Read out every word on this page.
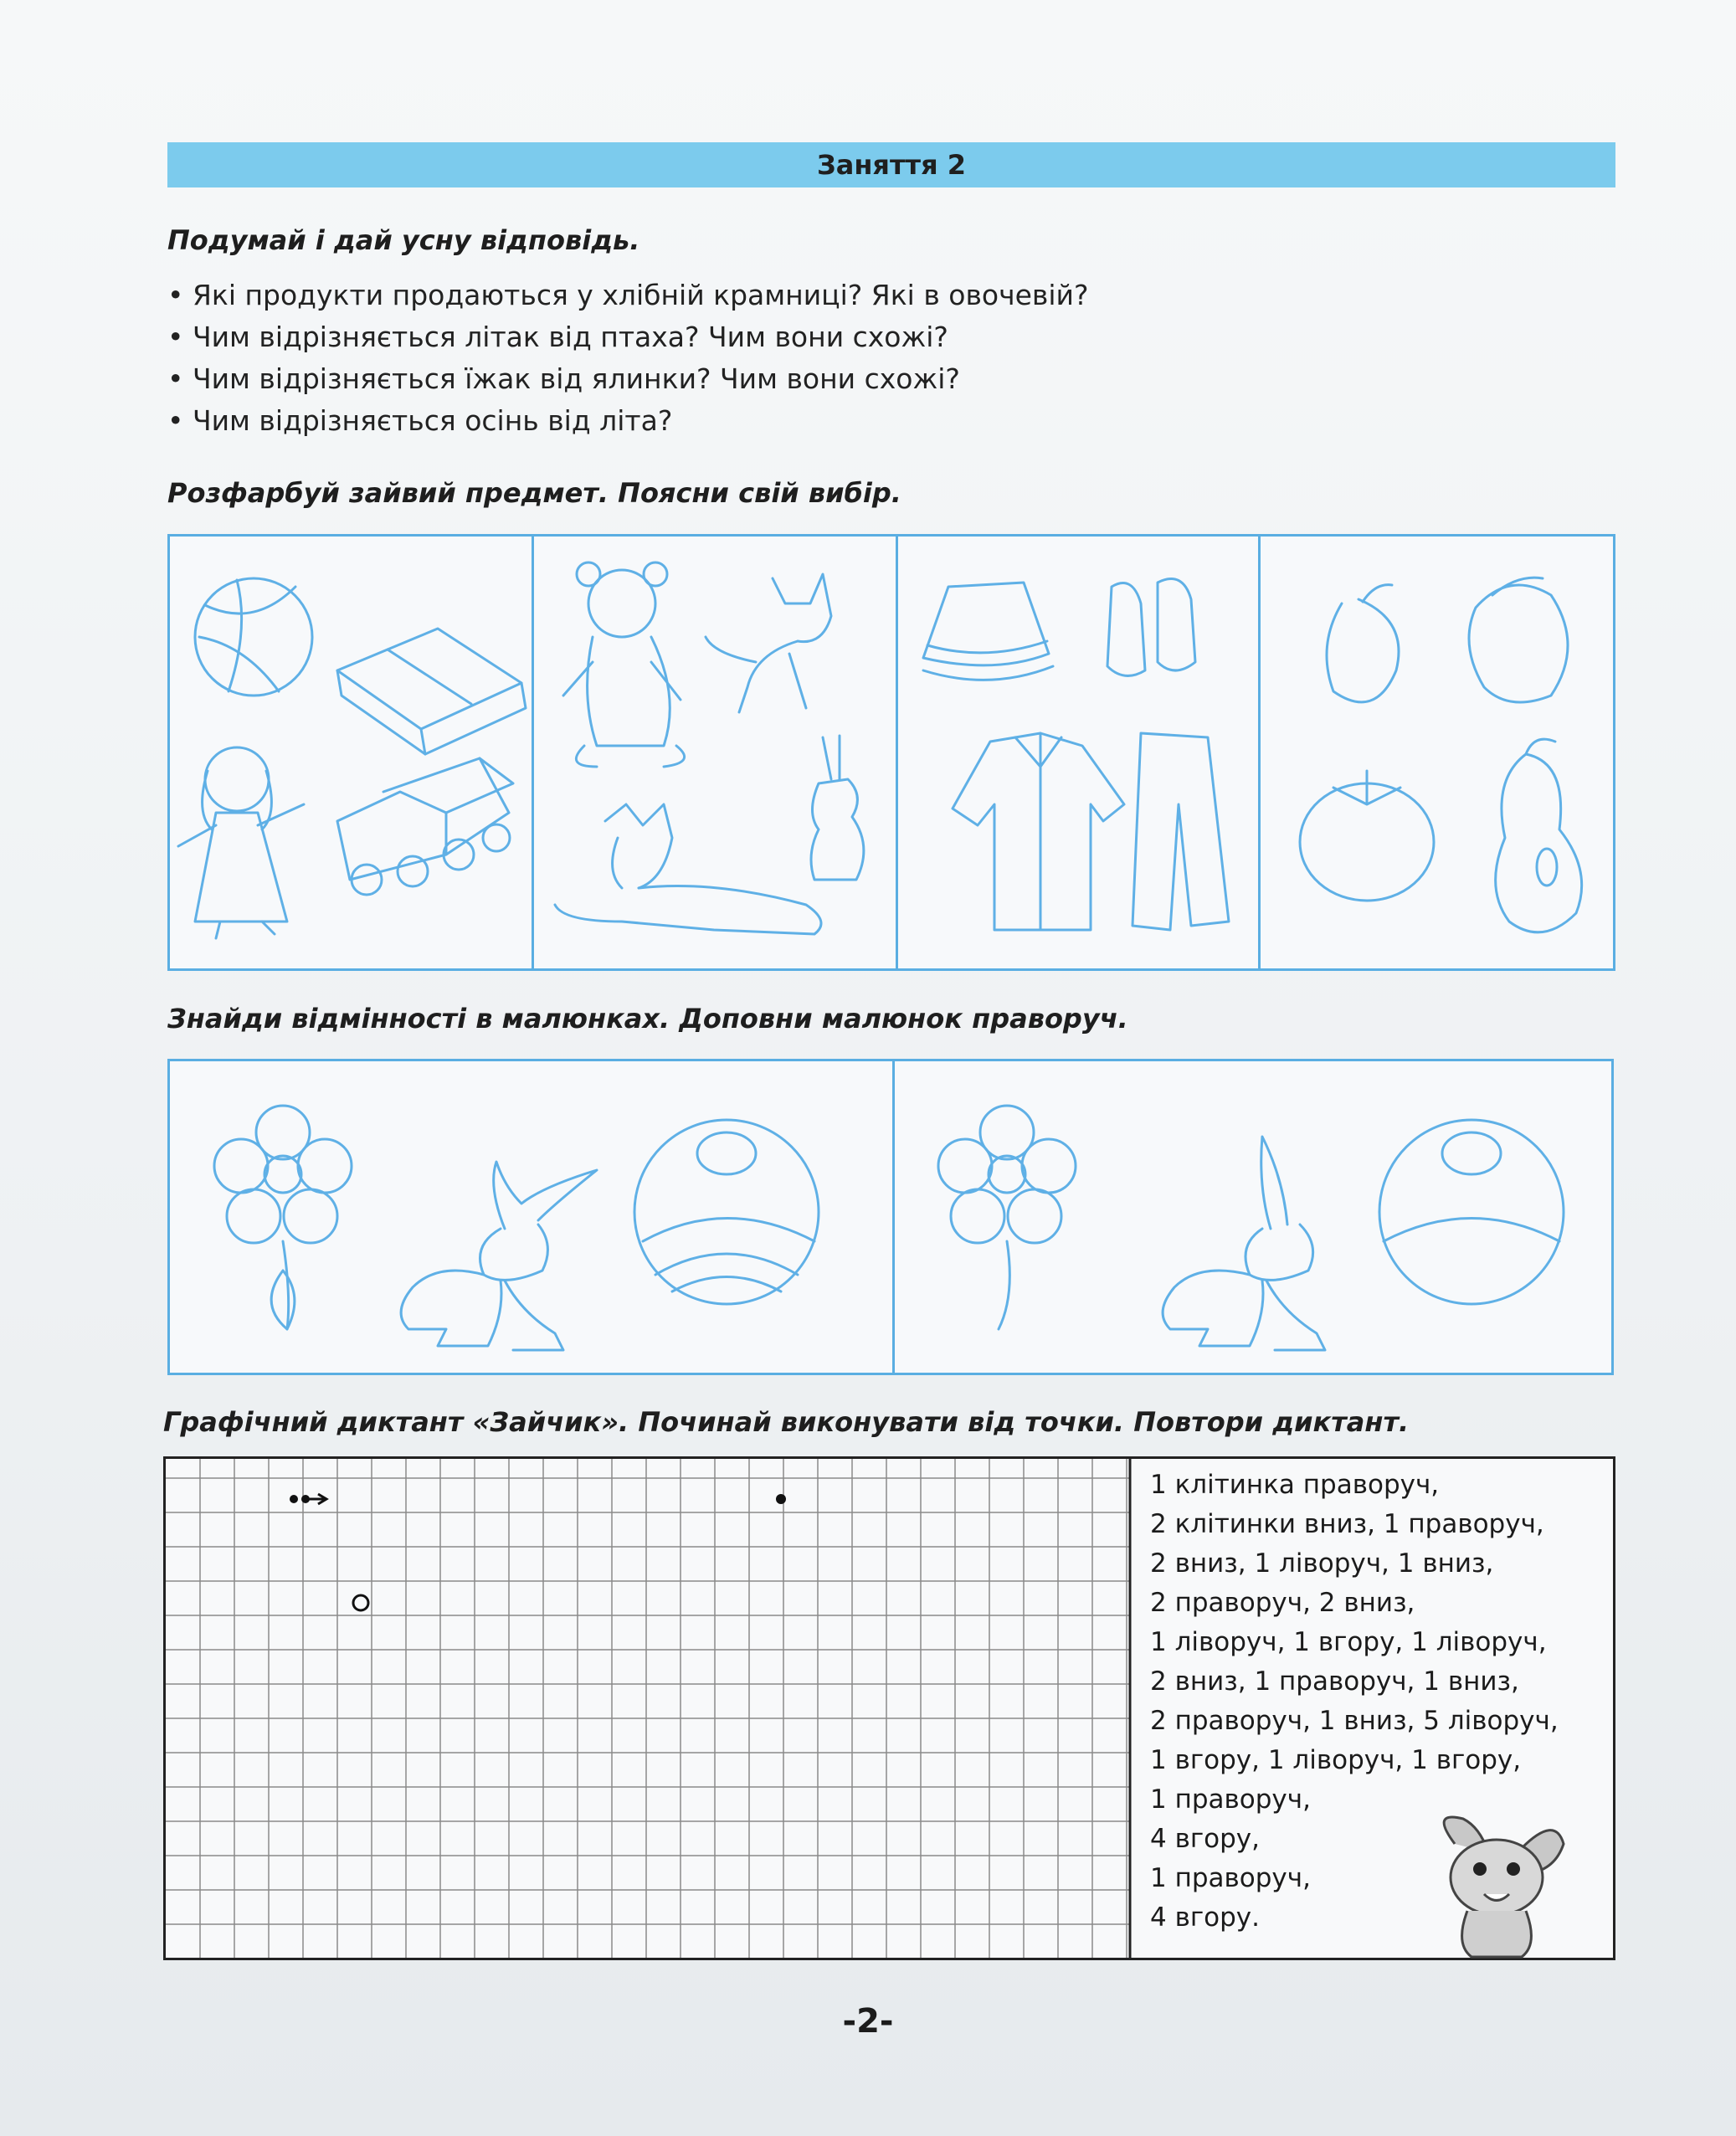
Заняття 2
Подумай і дай усну відповідь.
• Які продукти продаються у хлібній крамниці? Які в овочевій?
• Чим відрізняється літак від птаха? Чим вони схожі?
• Чим відрізняється їжак від ялинки? Чим вони схожі?
• Чим відрізняється осінь від літа?
Розфарбуй зайвий предмет. Поясни свій вибір.
Знайди відмінності в малюнках. Доповни малюнок праворуч.
Графічний диктант «Зайчик». Починай виконувати від точки. Повтори диктант.
1 клітинка праворуч,
2 клітинки вниз, 1 праворуч,
2 вниз, 1 ліворуч, 1 вниз,
2 праворуч, 2 вниз,
1 ліворуч, 1 вгору, 1 ліворуч,
2 вниз, 1 праворуч, 1 вниз,
2 праворуч, 1 вниз, 5 ліворуч,
1 вгору, 1 ліворуч, 1 вгору,
1 праворуч,
4 вгору,
1 праворуч,
4 вгору.
-2-
